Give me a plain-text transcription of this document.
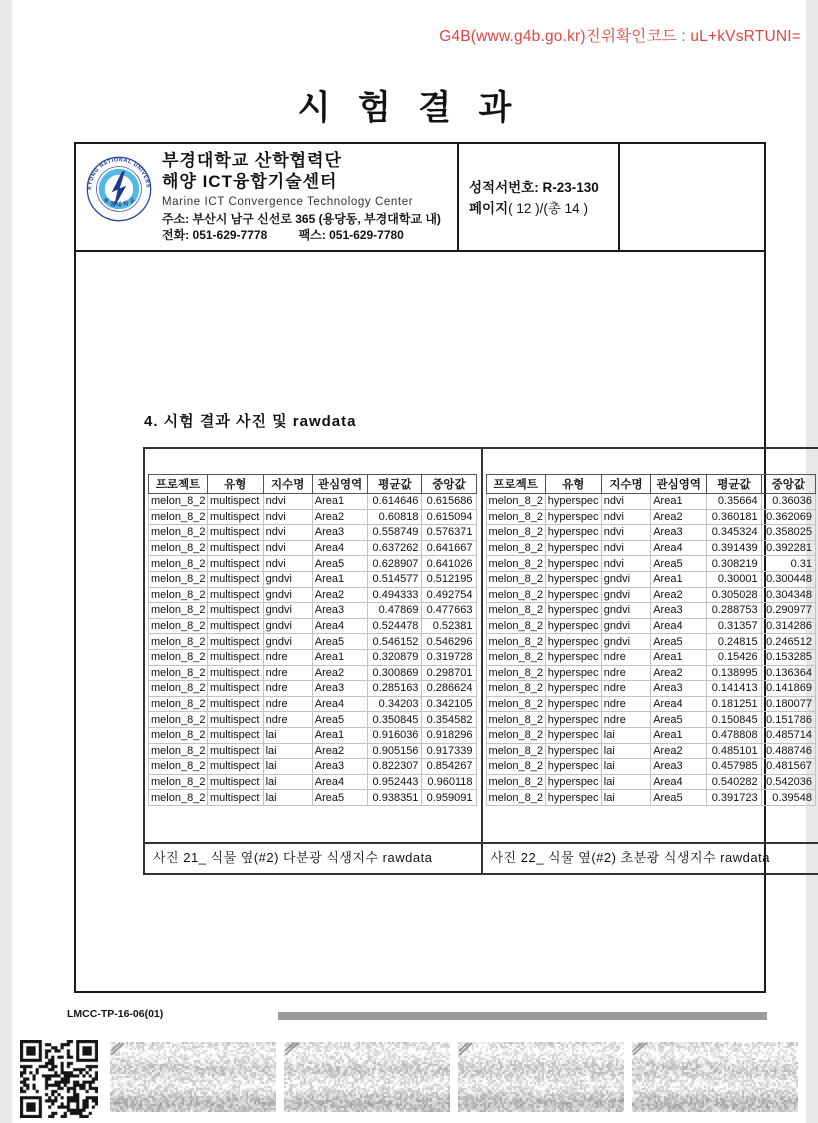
G4B(www.g4b.go.kr)진위확인코드 : uL+kVsRTUNI=
시 험 결 과
KYONG NATIONAL UNIVERS
부 경 대 학 교
부경대학교 산학협력단
해양 ICT융합기술센터
Marine ICT Convergence Technology Center
주소: 부산시 남구 신선로 365 (용당동, 부경대학교 내)
전화: 051-629-7778	팩스: 051-629-7780
성적서번호: R-23-130
페이지( 12 )/(총 14 )
4. 시험 결과 사진 및 rawdata
프로젝트	유형	지수명	관심영역	평균값	중앙값
melon_8_2	multispect	ndvi	Area1	0.614646	0.615686
melon_8_2	multispect	ndvi	Area2	0.60818	0.615094
melon_8_2	multispect	ndvi	Area3	0.558749	0.576371
melon_8_2	multispect	ndvi	Area4	0.637262	0.641667
melon_8_2	multispect	ndvi	Area5	0.628907	0.641026
melon_8_2	multispect	gndvi	Area1	0.514577	0.512195
melon_8_2	multispect	gndvi	Area2	0.494333	0.492754
melon_8_2	multispect	gndvi	Area3	0.47869	0.477663
melon_8_2	multispect	gndvi	Area4	0.524478	0.52381
melon_8_2	multispect	gndvi	Area5	0.546152	0.546296
melon_8_2	multispect	ndre	Area1	0.320879	0.319728
melon_8_2	multispect	ndre	Area2	0.300869	0.298701
melon_8_2	multispect	ndre	Area3	0.285163	0.286624
melon_8_2	multispect	ndre	Area4	0.34203	0.342105
melon_8_2	multispect	ndre	Area5	0.350845	0.354582
melon_8_2	multispect	lai	Area1	0.916036	0.918296
melon_8_2	multispect	lai	Area2	0.905156	0.917339
melon_8_2	multispect	lai	Area3	0.822307	0.854267
melon_8_2	multispect	lai	Area4	0.952443	0.960118
melon_8_2	multispect	lai	Area5	0.938351	0.959091
프로젝트	유형	지수명	관심영역	평균값	중앙값
melon_8_2	hyperspec	ndvi	Area1	0.35664	0.36036
melon_8_2	hyperspec	ndvi	Area2	0.360181	0.362069
melon_8_2	hyperspec	ndvi	Area3	0.345324	0.358025
melon_8_2	hyperspec	ndvi	Area4	0.391439	0.392281
melon_8_2	hyperspec	ndvi	Area5	0.308219	0.31
melon_8_2	hyperspec	gndvi	Area1	0.30001	0.300448
melon_8_2	hyperspec	gndvi	Area2	0.305028	0.304348
melon_8_2	hyperspec	gndvi	Area3	0.288753	0.290977
melon_8_2	hyperspec	gndvi	Area4	0.31357	0.314286
melon_8_2	hyperspec	gndvi	Area5	0.24815	0.246512
melon_8_2	hyperspec	ndre	Area1	0.15426	0.153285
melon_8_2	hyperspec	ndre	Area2	0.138995	0.136364
melon_8_2	hyperspec	ndre	Area3	0.141413	0.141869
melon_8_2	hyperspec	ndre	Area4	0.181251	0.180077
melon_8_2	hyperspec	ndre	Area5	0.150845	0.151786
melon_8_2	hyperspec	lai	Area1	0.478808	0.485714
melon_8_2	hyperspec	lai	Area2	0.485101	0.488746
melon_8_2	hyperspec	lai	Area3	0.457985	0.481567
melon_8_2	hyperspec	lai	Area4	0.540282	0.542036
melon_8_2	hyperspec	lai	Area5	0.391723	0.39548
사진 21_ 식물 옆(#2) 다분광 식생지수 rawdata	사진 22_ 식물 옆(#2) 초분광 식생지수 rawdata
LMCC-TP-16-06(01)
